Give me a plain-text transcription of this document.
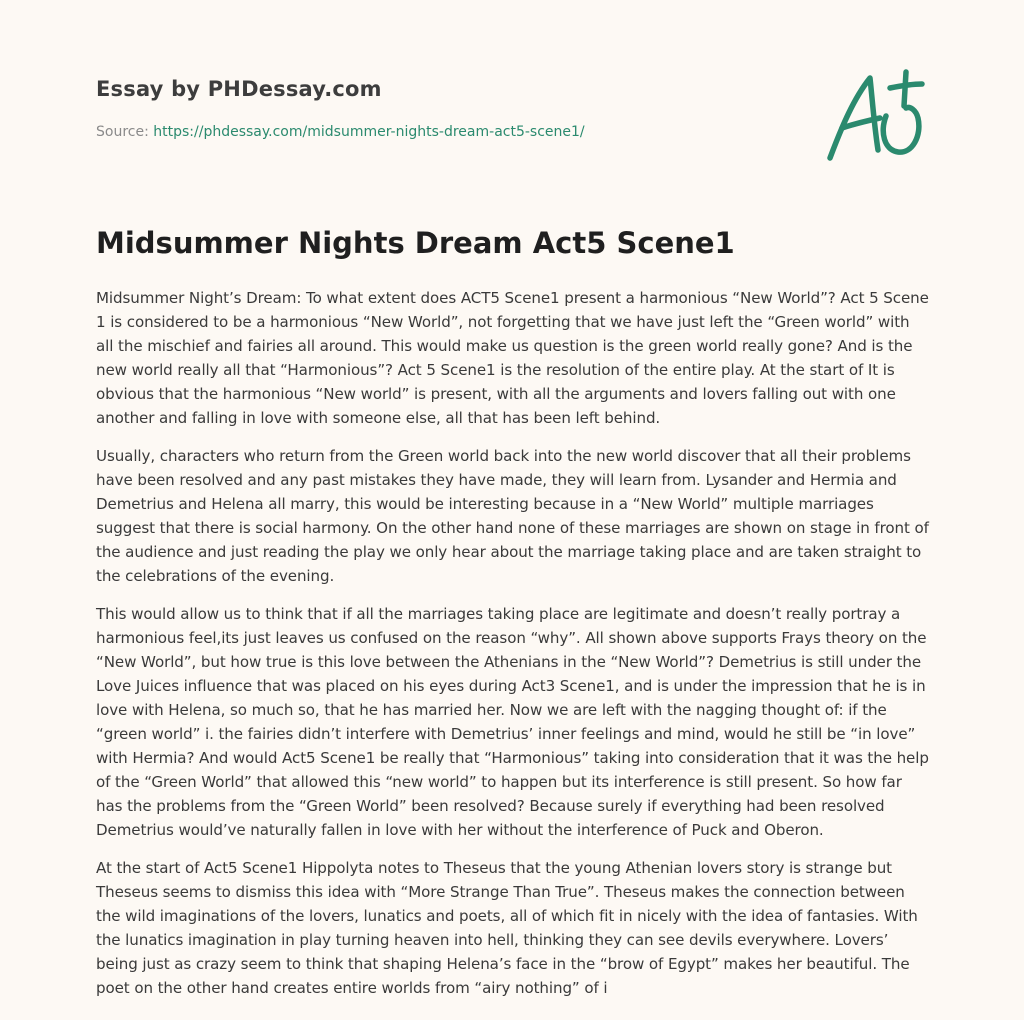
Essay by PHDessay.com
Source: https://phdessay.com/midsummer-nights-dream-act5-scene1/
Midsummer Nights Dream Act5 Scene1

Midsummer Night’s Dream: To what extent does ACT5 Scene1 present a harmonious “New World”? Act 5 Scene 1 is considered to be a harmonious “New World”, not forgetting that we have just left the “Green world” with all the mischief and fairies all around. This would make us question is the green world really gone? And is the new world really all that “Harmonious”? Act 5 Scene1 is the resolution of the entire play. At the start of It is obvious that the harmonious “New world” is present, with all the arguments and lovers falling out with one another and falling in love with someone else, all that has been left behind.

Usually, characters who return from the Green world back into the new world discover that all their problems have been resolved and any past mistakes they have made, they will learn from. Lysander and Hermia and Demetrius and Helena all marry, this would be interesting because in a “New World” multiple marriages suggest that there is social harmony. On the other hand none of these marriages are shown on stage in front of the audience and just reading the play we only hear about the marriage taking place and are taken straight to the celebrations of the evening.

This would allow us to think that if all the marriages taking place are legitimate and doesn’t really portray a harmonious feel,its just leaves us confused on the reason “why”. All shown above supports Frays theory on the “New World”, but how true is this love between the Athenians in the “New World”? Demetrius is still under the Love Juices influence that was placed on his eyes during Act3 Scene1, and is under the impression that he is in love with Helena, so much so, that he has married her. Now we are left with the nagging thought of: if the “green world” i. the fairies didn’t interfere with Demetrius’ inner feelings and mind, would he still be “in love” with Hermia? And would Act5 Scene1 be really that “Harmonious” taking into consideration that it was the help of the “Green World” that allowed this “new world” to happen but its interference is still present. So how far has the problems from the “Green World” been resolved? Because surely if everything had been resolved Demetrius would’ve naturally fallen in love with her without the interference of Puck and Oberon.

At the start of Act5 Scene1 Hippolyta notes to Theseus that the young Athenian lovers story is strange but Theseus seems to dismiss this idea with “More Strange Than True”. Theseus makes the connection between the wild imaginations of the lovers, lunatics and poets, all of which fit in nicely with the idea of fantasies. With the lunatics imagination in play turning heaven into hell, thinking they can see devils everywhere. Lovers’ being just as crazy seem to think that shaping Helena’s face in the “brow of Egypt” makes her beautiful. The poet on the other hand creates entire worlds from “airy nothing” of i
